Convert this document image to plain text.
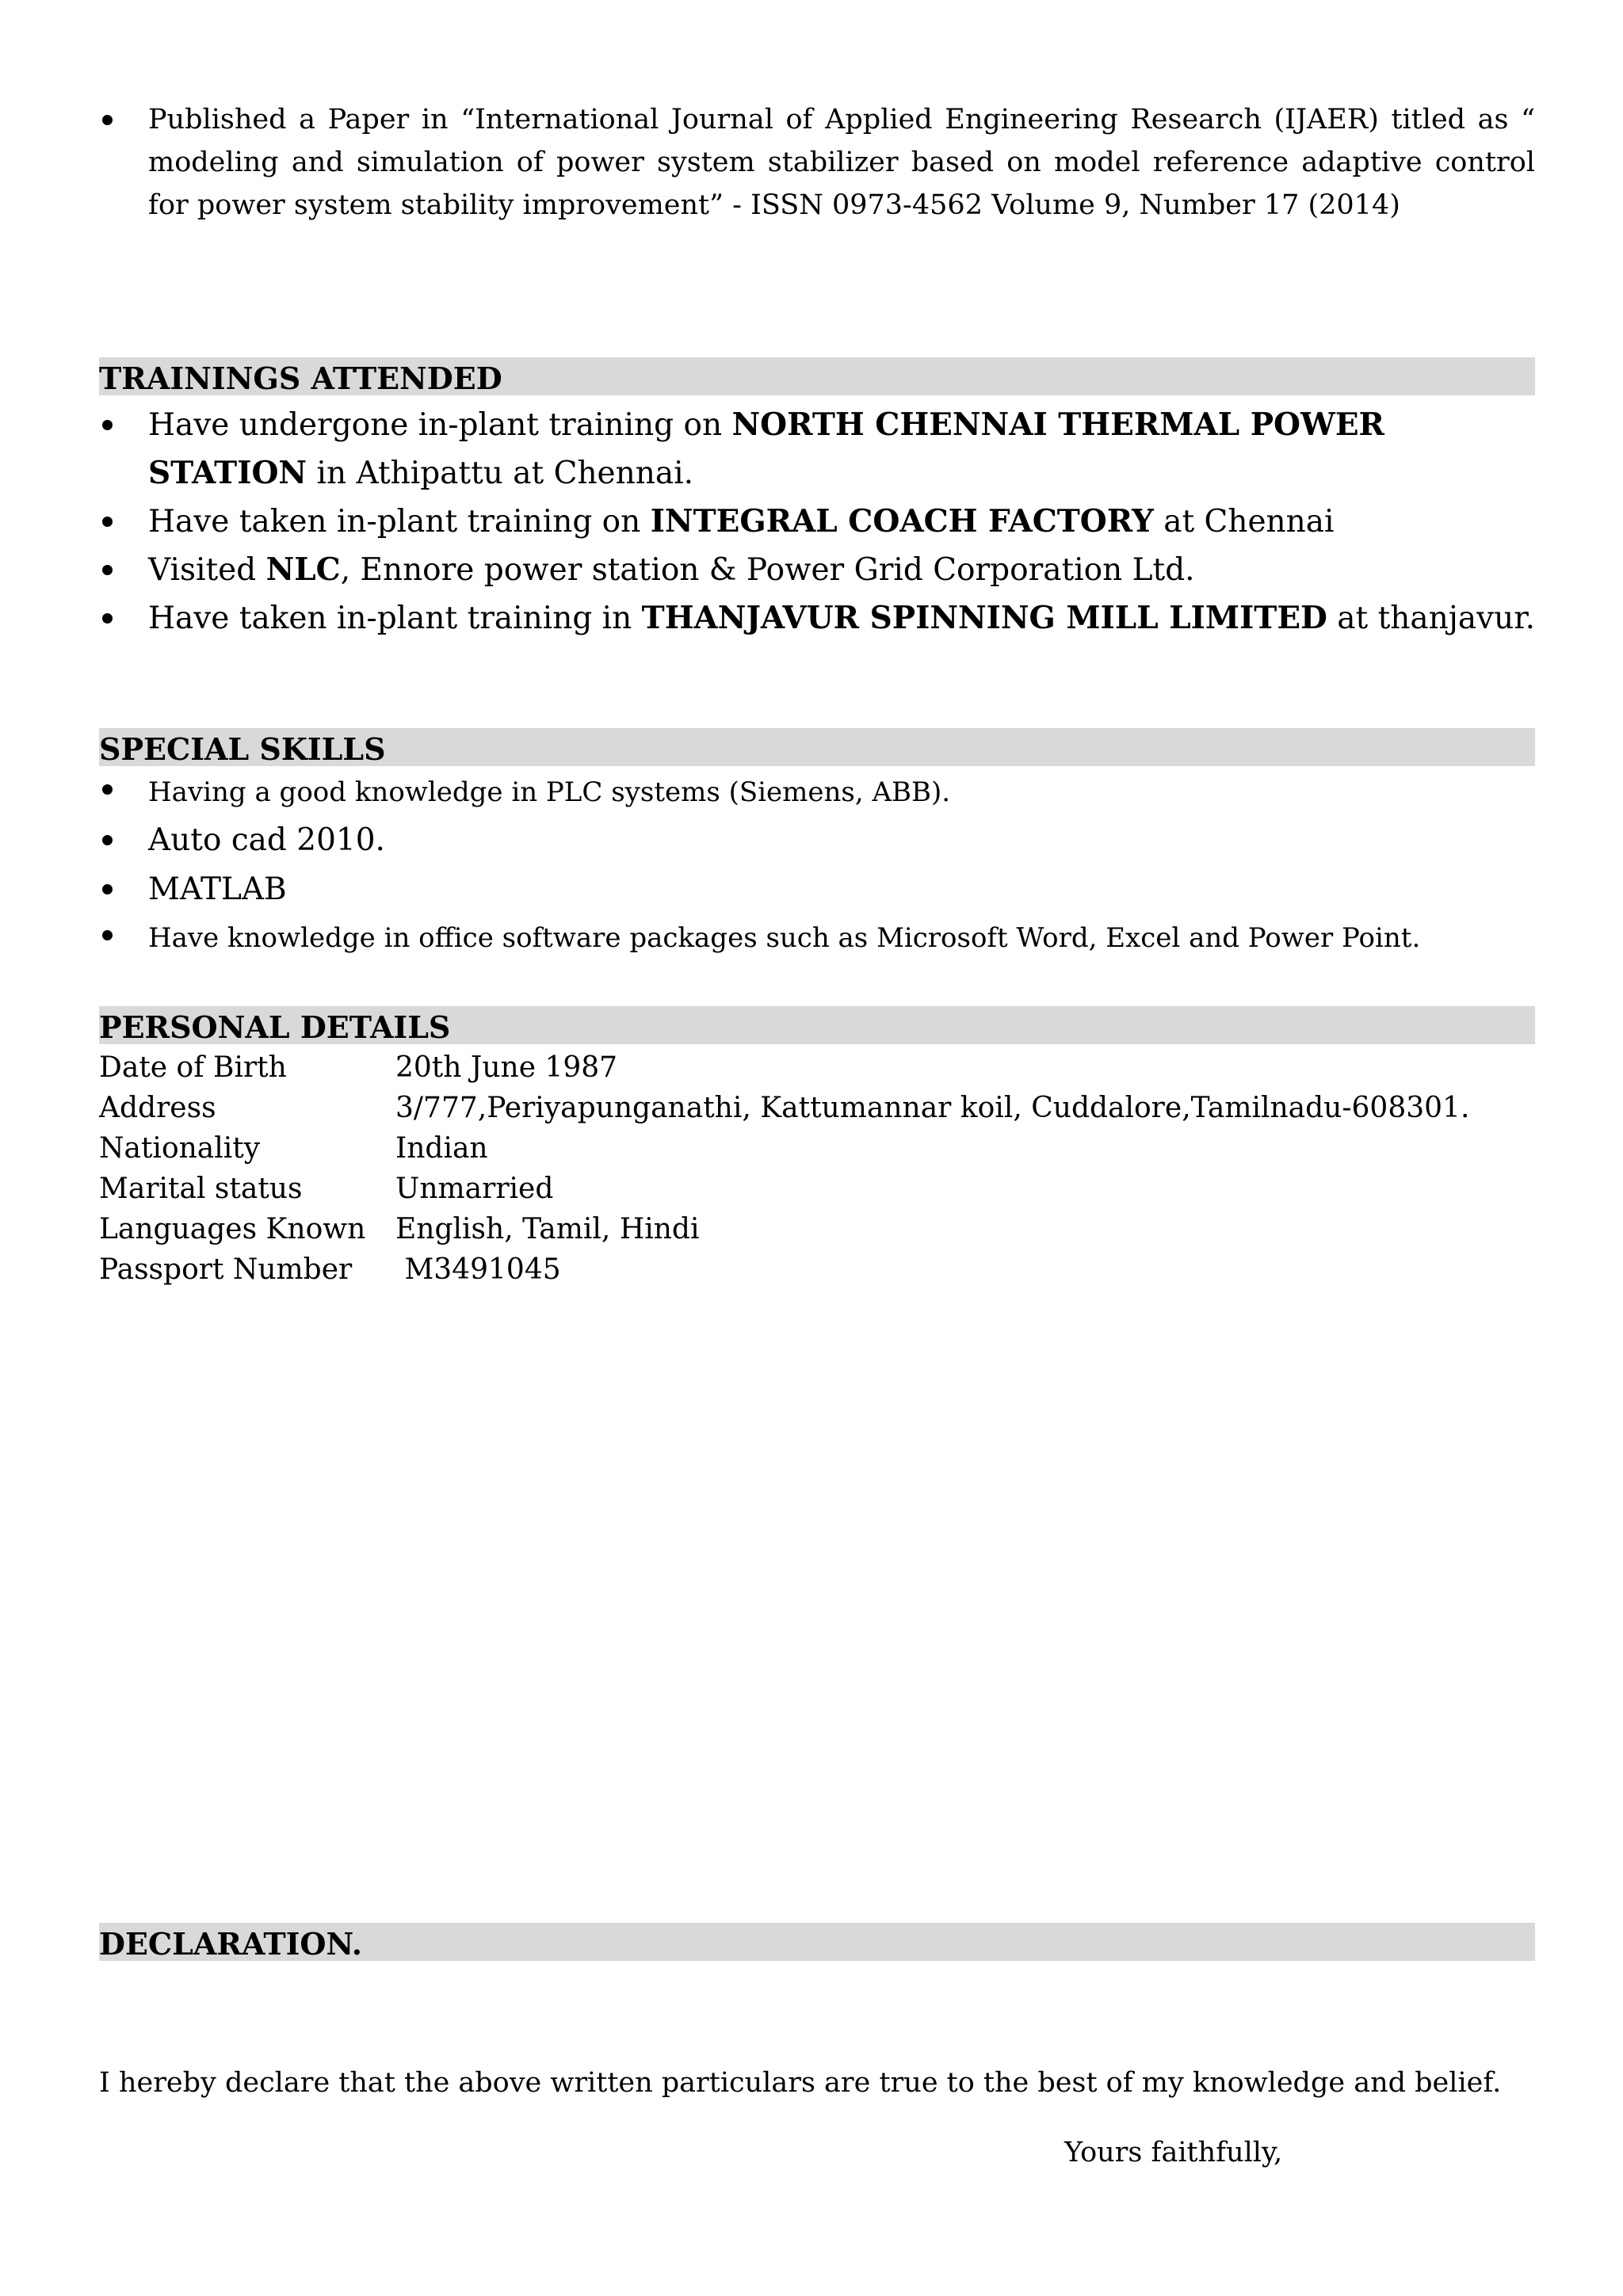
Published a Paper in “International Journal of Applied Engineering Research (IJAER) titled as “ modeling and simulation of power system stabilizer based on model reference adaptive control for power system stability improvement” - ISSN 0973-4562 Volume 9, Number 17 (2014)
TRAININGS ATTENDED
Have undergone in-plant training on NORTH CHENNAI THERMAL POWER STATION in Athipattu at Chennai.
Have taken in-plant training on INTEGRAL COACH FACTORY at Chennai
Visited NLC, Ennore power station & Power Grid Corporation Ltd.
Have taken in-plant training in THANJAVUR SPINNING MILL LIMITED at thanjavur.
SPECIAL SKILLS
Having a good knowledge in PLC systems (Siemens, ABB).
Auto cad 2010.
MATLAB
Have knowledge in office software packages such as Microsoft Word, Excel and Power Point.
PERSONAL DETAILS
Date of Birth	20th June 1987
Address	3/777,Periyapunganathi, Kattumannar koil, Cuddalore,Tamilnadu-608301.
Nationality	Indian
Marital status	Unmarried
Languages Known	English, Tamil, Hindi
Passport Number	M3491045
DECLARATION.
I hereby declare that the above written particulars are true to the best of my knowledge and belief.
Yours faithfully,
